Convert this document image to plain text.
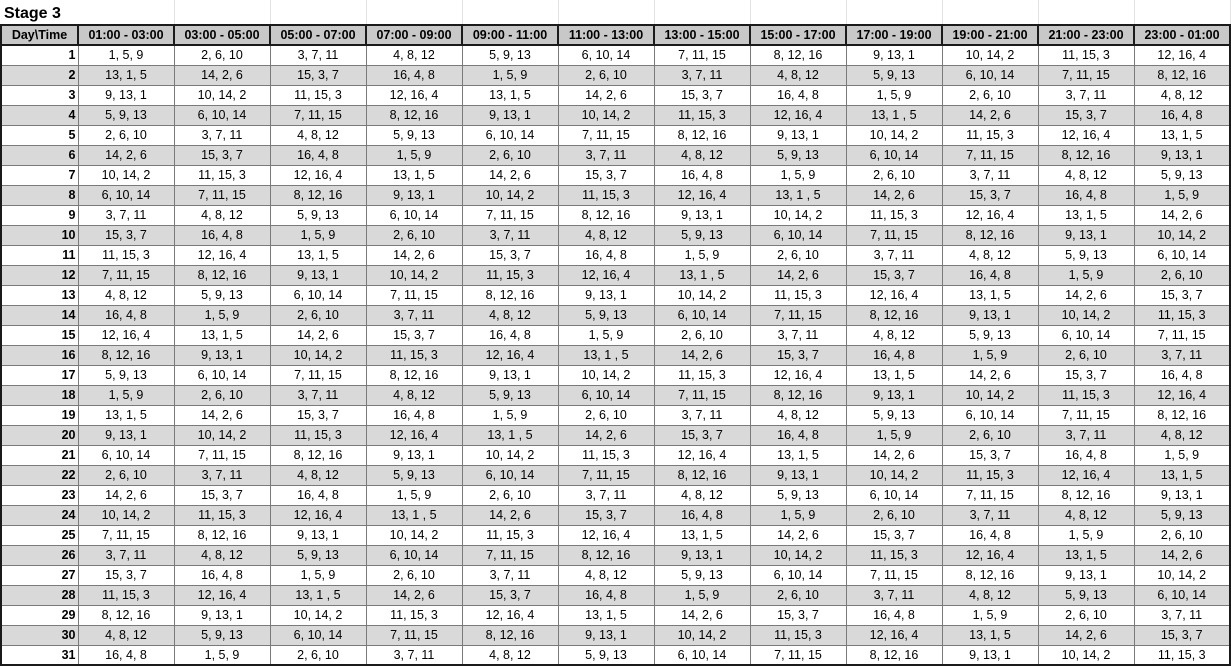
Stage 3												
Day\Time	01:00 - 03:00	03:00 - 05:00	05:00 - 07:00	07:00 - 09:00	09:00 - 11:00	11:00 - 13:00	13:00 - 15:00	15:00 - 17:00	17:00 - 19:00	19:00 - 21:00	21:00 - 23:00	23:00 - 01:00
1	1, 5, 9	2, 6, 10	3, 7, 11	4, 8, 12	5, 9, 13	6, 10, 14	7, 11, 15	8, 12, 16	9, 13, 1	10, 14, 2	11, 15, 3	12, 16, 4
2	13, 1, 5	14, 2, 6	15, 3, 7	16, 4, 8	1, 5, 9	2, 6, 10	3, 7, 11	4, 8, 12	5, 9, 13	6, 10, 14	7, 11, 15	8, 12, 16
3	9, 13, 1	10, 14, 2	11, 15, 3	12, 16, 4	13, 1, 5	14, 2, 6	15, 3, 7	16, 4, 8	1, 5, 9	2, 6, 10	3, 7, 11	4, 8, 12
4	5, 9, 13	6, 10, 14	7, 11, 15	8, 12, 16	9, 13, 1	10, 14, 2	11, 15, 3	12, 16, 4	13, 1 , 5	14, 2, 6	15, 3, 7	16, 4, 8
5	2, 6, 10	3, 7, 11	4, 8, 12	5, 9, 13	6, 10, 14	7, 11, 15	8, 12, 16	9, 13, 1	10, 14, 2	11, 15, 3	12, 16, 4	13, 1, 5
6	14, 2, 6	15, 3, 7	16, 4, 8	1, 5, 9	2, 6, 10	3, 7, 11	4, 8, 12	5, 9, 13	6, 10, 14	7, 11, 15	8, 12, 16	9, 13, 1
7	10, 14, 2	11, 15, 3	12, 16, 4	13, 1, 5	14, 2, 6	15, 3, 7	16, 4, 8	1, 5, 9	2, 6, 10	3, 7, 11	4, 8, 12	5, 9, 13
8	6, 10, 14	7, 11, 15	8, 12, 16	9, 13, 1	10, 14, 2	11, 15, 3	12, 16, 4	13, 1 , 5	14, 2, 6	15, 3, 7	16, 4, 8	1, 5, 9
9	3, 7, 11	4, 8, 12	5, 9, 13	6, 10, 14	7, 11, 15	8, 12, 16	9, 13, 1	10, 14, 2	11, 15, 3	12, 16, 4	13, 1, 5	14, 2, 6
10	15, 3, 7	16, 4, 8	1, 5, 9	2, 6, 10	3, 7, 11	4, 8, 12	5, 9, 13	6, 10, 14	7, 11, 15	8, 12, 16	9, 13, 1	10, 14, 2
11	11, 15, 3	12, 16, 4	13, 1, 5	14, 2, 6	15, 3, 7	16, 4, 8	1, 5, 9	2, 6, 10	3, 7, 11	4, 8, 12	5, 9, 13	6, 10, 14
12	7, 11, 15	8, 12, 16	9, 13, 1	10, 14, 2	11, 15, 3	12, 16, 4	13, 1 , 5	14, 2, 6	15, 3, 7	16, 4, 8	1, 5, 9	2, 6, 10
13	4, 8, 12	5, 9, 13	6, 10, 14	7, 11, 15	8, 12, 16	9, 13, 1	10, 14, 2	11, 15, 3	12, 16, 4	13, 1, 5	14, 2, 6	15, 3, 7
14	16, 4, 8	1, 5, 9	2, 6, 10	3, 7, 11	4, 8, 12	5, 9, 13	6, 10, 14	7, 11, 15	8, 12, 16	9, 13, 1	10, 14, 2	11, 15, 3
15	12, 16, 4	13, 1, 5	14, 2, 6	15, 3, 7	16, 4, 8	1, 5, 9	2, 6, 10	3, 7, 11	4, 8, 12	5, 9, 13	6, 10, 14	7, 11, 15
16	8, 12, 16	9, 13, 1	10, 14, 2	11, 15, 3	12, 16, 4	13, 1 , 5	14, 2, 6	15, 3, 7	16, 4, 8	1, 5, 9	2, 6, 10	3, 7, 11
17	5, 9, 13	6, 10, 14	7, 11, 15	8, 12, 16	9, 13, 1	10, 14, 2	11, 15, 3	12, 16, 4	13, 1, 5	14, 2, 6	15, 3, 7	16, 4, 8
18	1, 5, 9	2, 6, 10	3, 7, 11	4, 8, 12	5, 9, 13	6, 10, 14	7, 11, 15	8, 12, 16	9, 13, 1	10, 14, 2	11, 15, 3	12, 16, 4
19	13, 1, 5	14, 2, 6	15, 3, 7	16, 4, 8	1, 5, 9	2, 6, 10	3, 7, 11	4, 8, 12	5, 9, 13	6, 10, 14	7, 11, 15	8, 12, 16
20	9, 13, 1	10, 14, 2	11, 15, 3	12, 16, 4	13, 1 , 5	14, 2, 6	15, 3, 7	16, 4, 8	1, 5, 9	2, 6, 10	3, 7, 11	4, 8, 12
21	6, 10, 14	7, 11, 15	8, 12, 16	9, 13, 1	10, 14, 2	11, 15, 3	12, 16, 4	13, 1, 5	14, 2, 6	15, 3, 7	16, 4, 8	1, 5, 9
22	2, 6, 10	3, 7, 11	4, 8, 12	5, 9, 13	6, 10, 14	7, 11, 15	8, 12, 16	9, 13, 1	10, 14, 2	11, 15, 3	12, 16, 4	13, 1, 5
23	14, 2, 6	15, 3, 7	16, 4, 8	1, 5, 9	2, 6, 10	3, 7, 11	4, 8, 12	5, 9, 13	6, 10, 14	7, 11, 15	8, 12, 16	9, 13, 1
24	10, 14, 2	11, 15, 3	12, 16, 4	13, 1 , 5	14, 2, 6	15, 3, 7	16, 4, 8	1, 5, 9	2, 6, 10	3, 7, 11	4, 8, 12	5, 9, 13
25	7, 11, 15	8, 12, 16	9, 13, 1	10, 14, 2	11, 15, 3	12, 16, 4	13, 1, 5	14, 2, 6	15, 3, 7	16, 4, 8	1, 5, 9	2, 6, 10
26	3, 7, 11	4, 8, 12	5, 9, 13	6, 10, 14	7, 11, 15	8, 12, 16	9, 13, 1	10, 14, 2	11, 15, 3	12, 16, 4	13, 1, 5	14, 2, 6
27	15, 3, 7	16, 4, 8	1, 5, 9	2, 6, 10	3, 7, 11	4, 8, 12	5, 9, 13	6, 10, 14	7, 11, 15	8, 12, 16	9, 13, 1	10, 14, 2
28	11, 15, 3	12, 16, 4	13, 1 , 5	14, 2, 6	15, 3, 7	16, 4, 8	1, 5, 9	2, 6, 10	3, 7, 11	4, 8, 12	5, 9, 13	6, 10, 14
29	8, 12, 16	9, 13, 1	10, 14, 2	11, 15, 3	12, 16, 4	13, 1, 5	14, 2, 6	15, 3, 7	16, 4, 8	1, 5, 9	2, 6, 10	3, 7, 11
30	4, 8, 12	5, 9, 13	6, 10, 14	7, 11, 15	8, 12, 16	9, 13, 1	10, 14, 2	11, 15, 3	12, 16, 4	13, 1, 5	14, 2, 6	15, 3, 7
31	16, 4, 8	1, 5, 9	2, 6, 10	3, 7, 11	4, 8, 12	5, 9, 13	6, 10, 14	7, 11, 15	8, 12, 16	9, 13, 1	10, 14, 2	11, 15, 3
